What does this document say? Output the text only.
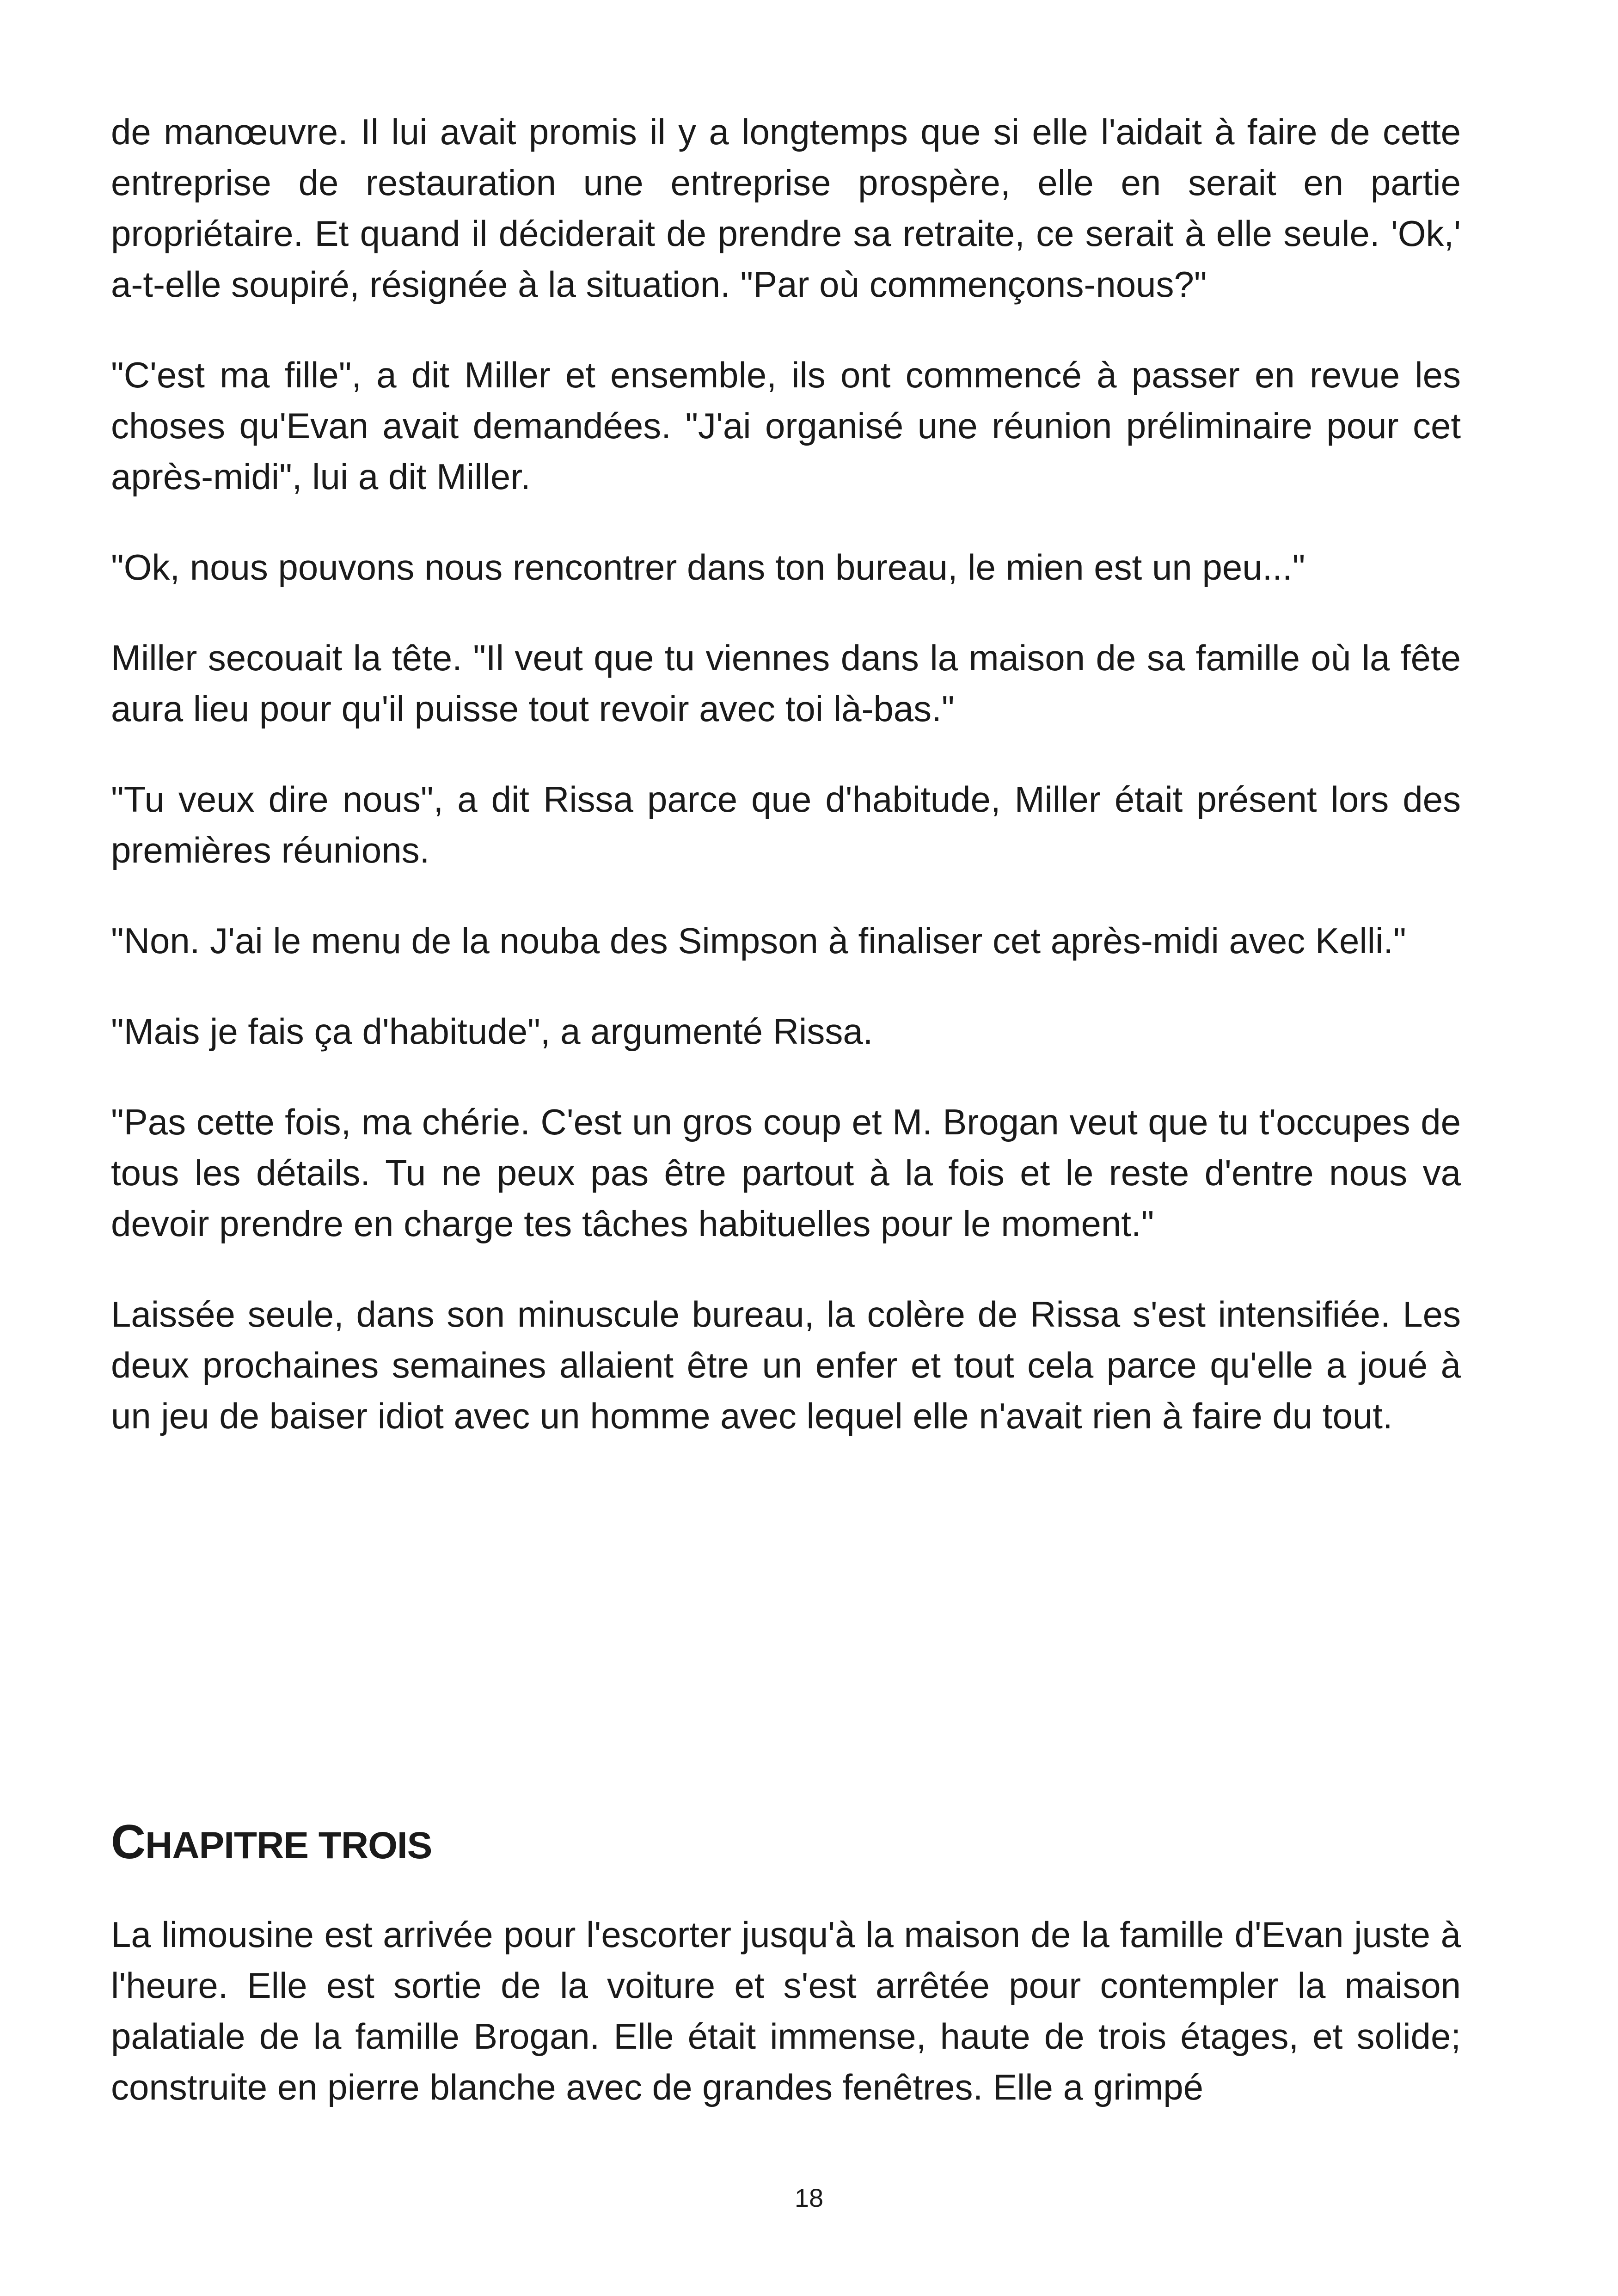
de manœuvre. Il lui avait promis il y a longtemps que si elle l'aidait à faire de cette entreprise de restauration une entreprise prospère, elle en serait en partie propriétaire. Et quand il déciderait de prendre sa retraite, ce serait à elle seule. 'Ok,' a-t-elle soupiré, résignée à la situation. "Par où commençons-nous?"

"C'est ma fille", a dit Miller et ensemble, ils ont commencé à passer en revue les choses qu'Evan avait demandées. "J'ai organisé une réunion préliminaire pour cet après-midi", lui a dit Miller.

"Ok, nous pouvons nous rencontrer dans ton bureau, le mien est un peu..."

Miller secouait la tête. "Il veut que tu viennes dans la maison de sa famille où la fête aura lieu pour qu'il puisse tout revoir avec toi là-bas."

"Tu veux dire nous", a dit Rissa parce que d'habitude, Miller était présent lors des premières réunions.

"Non. J'ai le menu de la nouba des Simpson à finaliser cet après-midi avec Kelli."

"Mais je fais ça d'habitude", a argumenté Rissa.

"Pas cette fois, ma chérie. C'est un gros coup et M. Brogan veut que tu t'occupes de tous les détails. Tu ne peux pas être partout à la fois et le reste d'entre nous va devoir prendre en charge tes tâches habituelles pour le moment."

Laissée seule, dans son minuscule bureau, la colère de Rissa s'est intensifiée. Les deux prochaines semaines allaient être un enfer et tout cela parce qu'elle a joué à un jeu de baiser idiot avec un homme avec lequel elle n'avait rien à faire du tout.

CHAPITRE TROIS

La limousine est arrivée pour l'escorter jusqu'à la maison de la famille d'Evan juste à l'heure. Elle est sortie de la voiture et s'est arrêtée pour contempler la maison palatiale de la famille Brogan. Elle était immense, haute de trois étages, et solide; construite en pierre blanche avec de grandes fenêtres. Elle a grimpé

18
